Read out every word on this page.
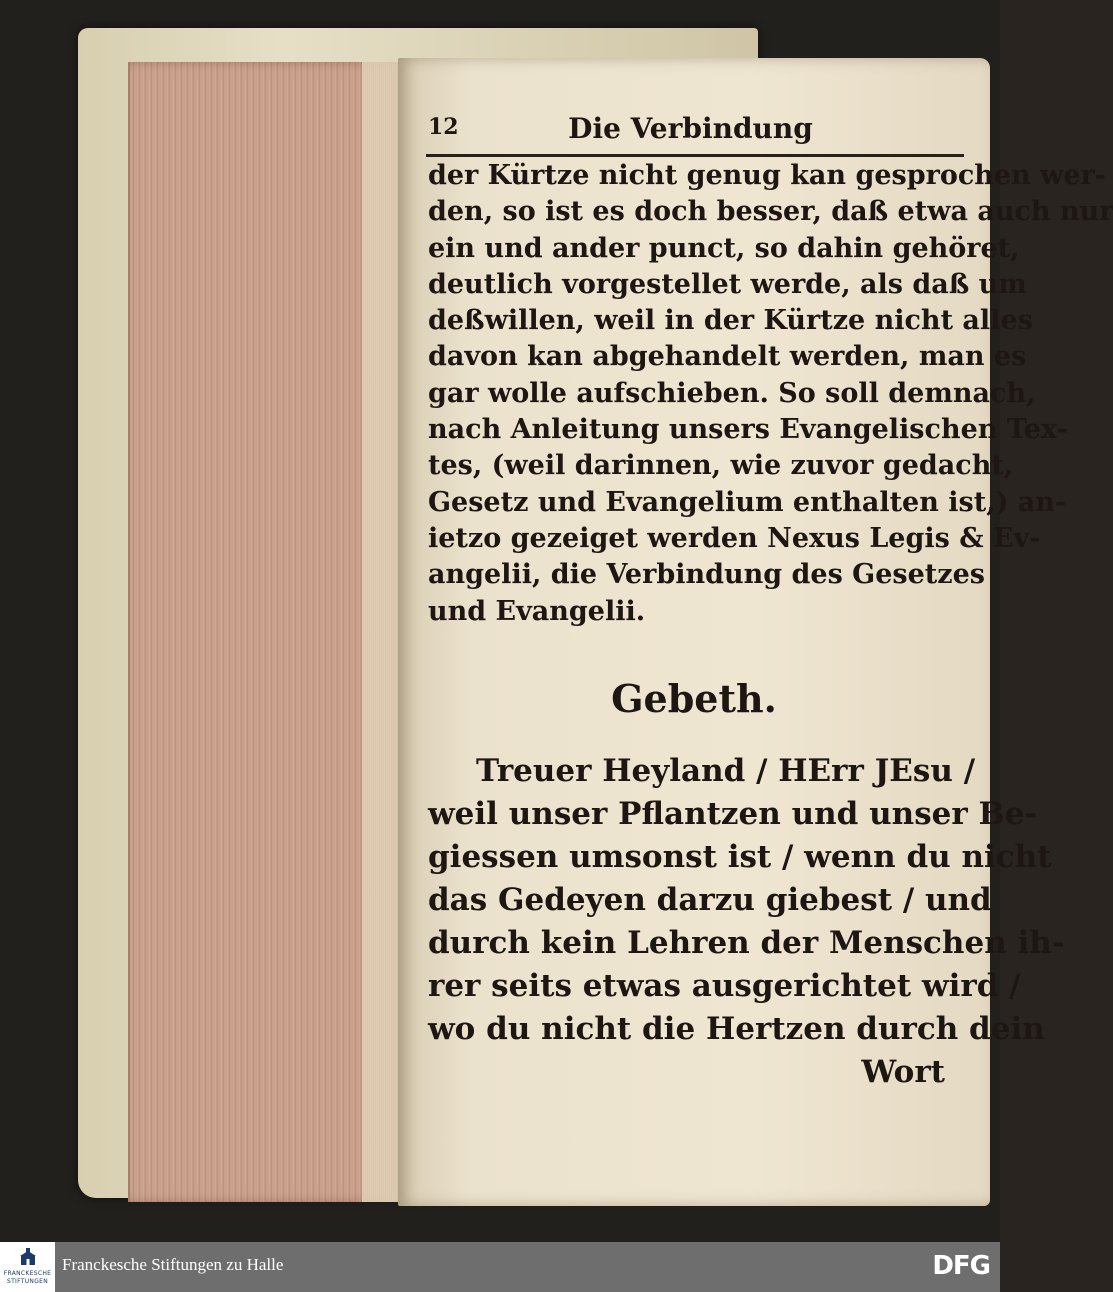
12	Die Verbindung
der Kürtze nicht genug kan gesprochen wer-
den, so ist es doch besser, daß etwa auch nur
ein und ander punct, so dahin gehöret,
deutlich vorgestellet werde, als daß um
deßwillen, weil in der Kürtze nicht alles
davon kan abgehandelt werden, man es
gar wolle aufschieben. So soll demnach,
nach Anleitung unsers Evangelischen Tex-
tes, (weil darinnen, wie zuvor gedacht,
Gesetz und Evangelium enthalten ist,) an-
ietzo gezeiget werden Nexus Legis & Ev-
angelii, die Verbindung des Gesetzes
und Evangelii.
Gebeth.
Treuer Heyland / HErr JEsu /
weil unser Pflantzen und unser Be-
giessen umsonst ist / wenn du nicht
das Gedeyen darzu giebest / und
durch kein Lehren der Menschen ih-
rer seits etwas ausgerichtet wird /
wo du nicht die Hertzen durch dein
Wort
FRANCKESCHE
STIFTUNGEN
Franckesche Stiftungen zu Halle	DFG
